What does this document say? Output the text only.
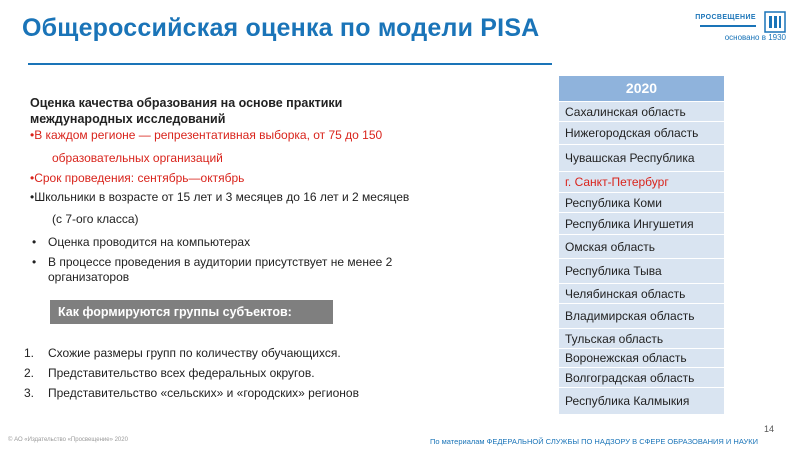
Общероссийская оценка по модели PISA	ПРОСВЕЩЕНИЕ
основано в 1930
Оценка качества образования на основе практики международных исследований
•В каждом регионе — репрезентативная выборка, от 75 до 150
образовательных организаций
•Срок проведения: сентябрь—октябрь
•Школьники в возрасте от 15 лет и 3 месяцев до 16 лет и 2 месяцев
(с 7-ого класса)
• Оценка проводится на компьютерах
• В процессе проведения в аудитории присутствует не менее 2
организаторов
Как формируются группы субъектов:
1. Схожие размеры групп по количеству обучающихся.
2. Представительство всех федеральных округов.
3. Представительство «сельских» и «городских» регионов
2020
Сахалинская область
Нижегородская область
Чувашская Республика
г. Санкт-Петербург
Республика Коми
Республика Ингушетия
Омская область
Республика Тыва
Челябинская область
Владимирская область
Тульская область
Воронежская область
Волгоградская область
Республика Калмыкия
© АО «Издательство «Просвещение» 2020
14
По материалам ФЕДЕРАЛЬНОЙ СЛУЖБЫ ПО НАДЗОРУ В СФЕРЕ ОБРАЗОВАНИЯ И НАУКИ
